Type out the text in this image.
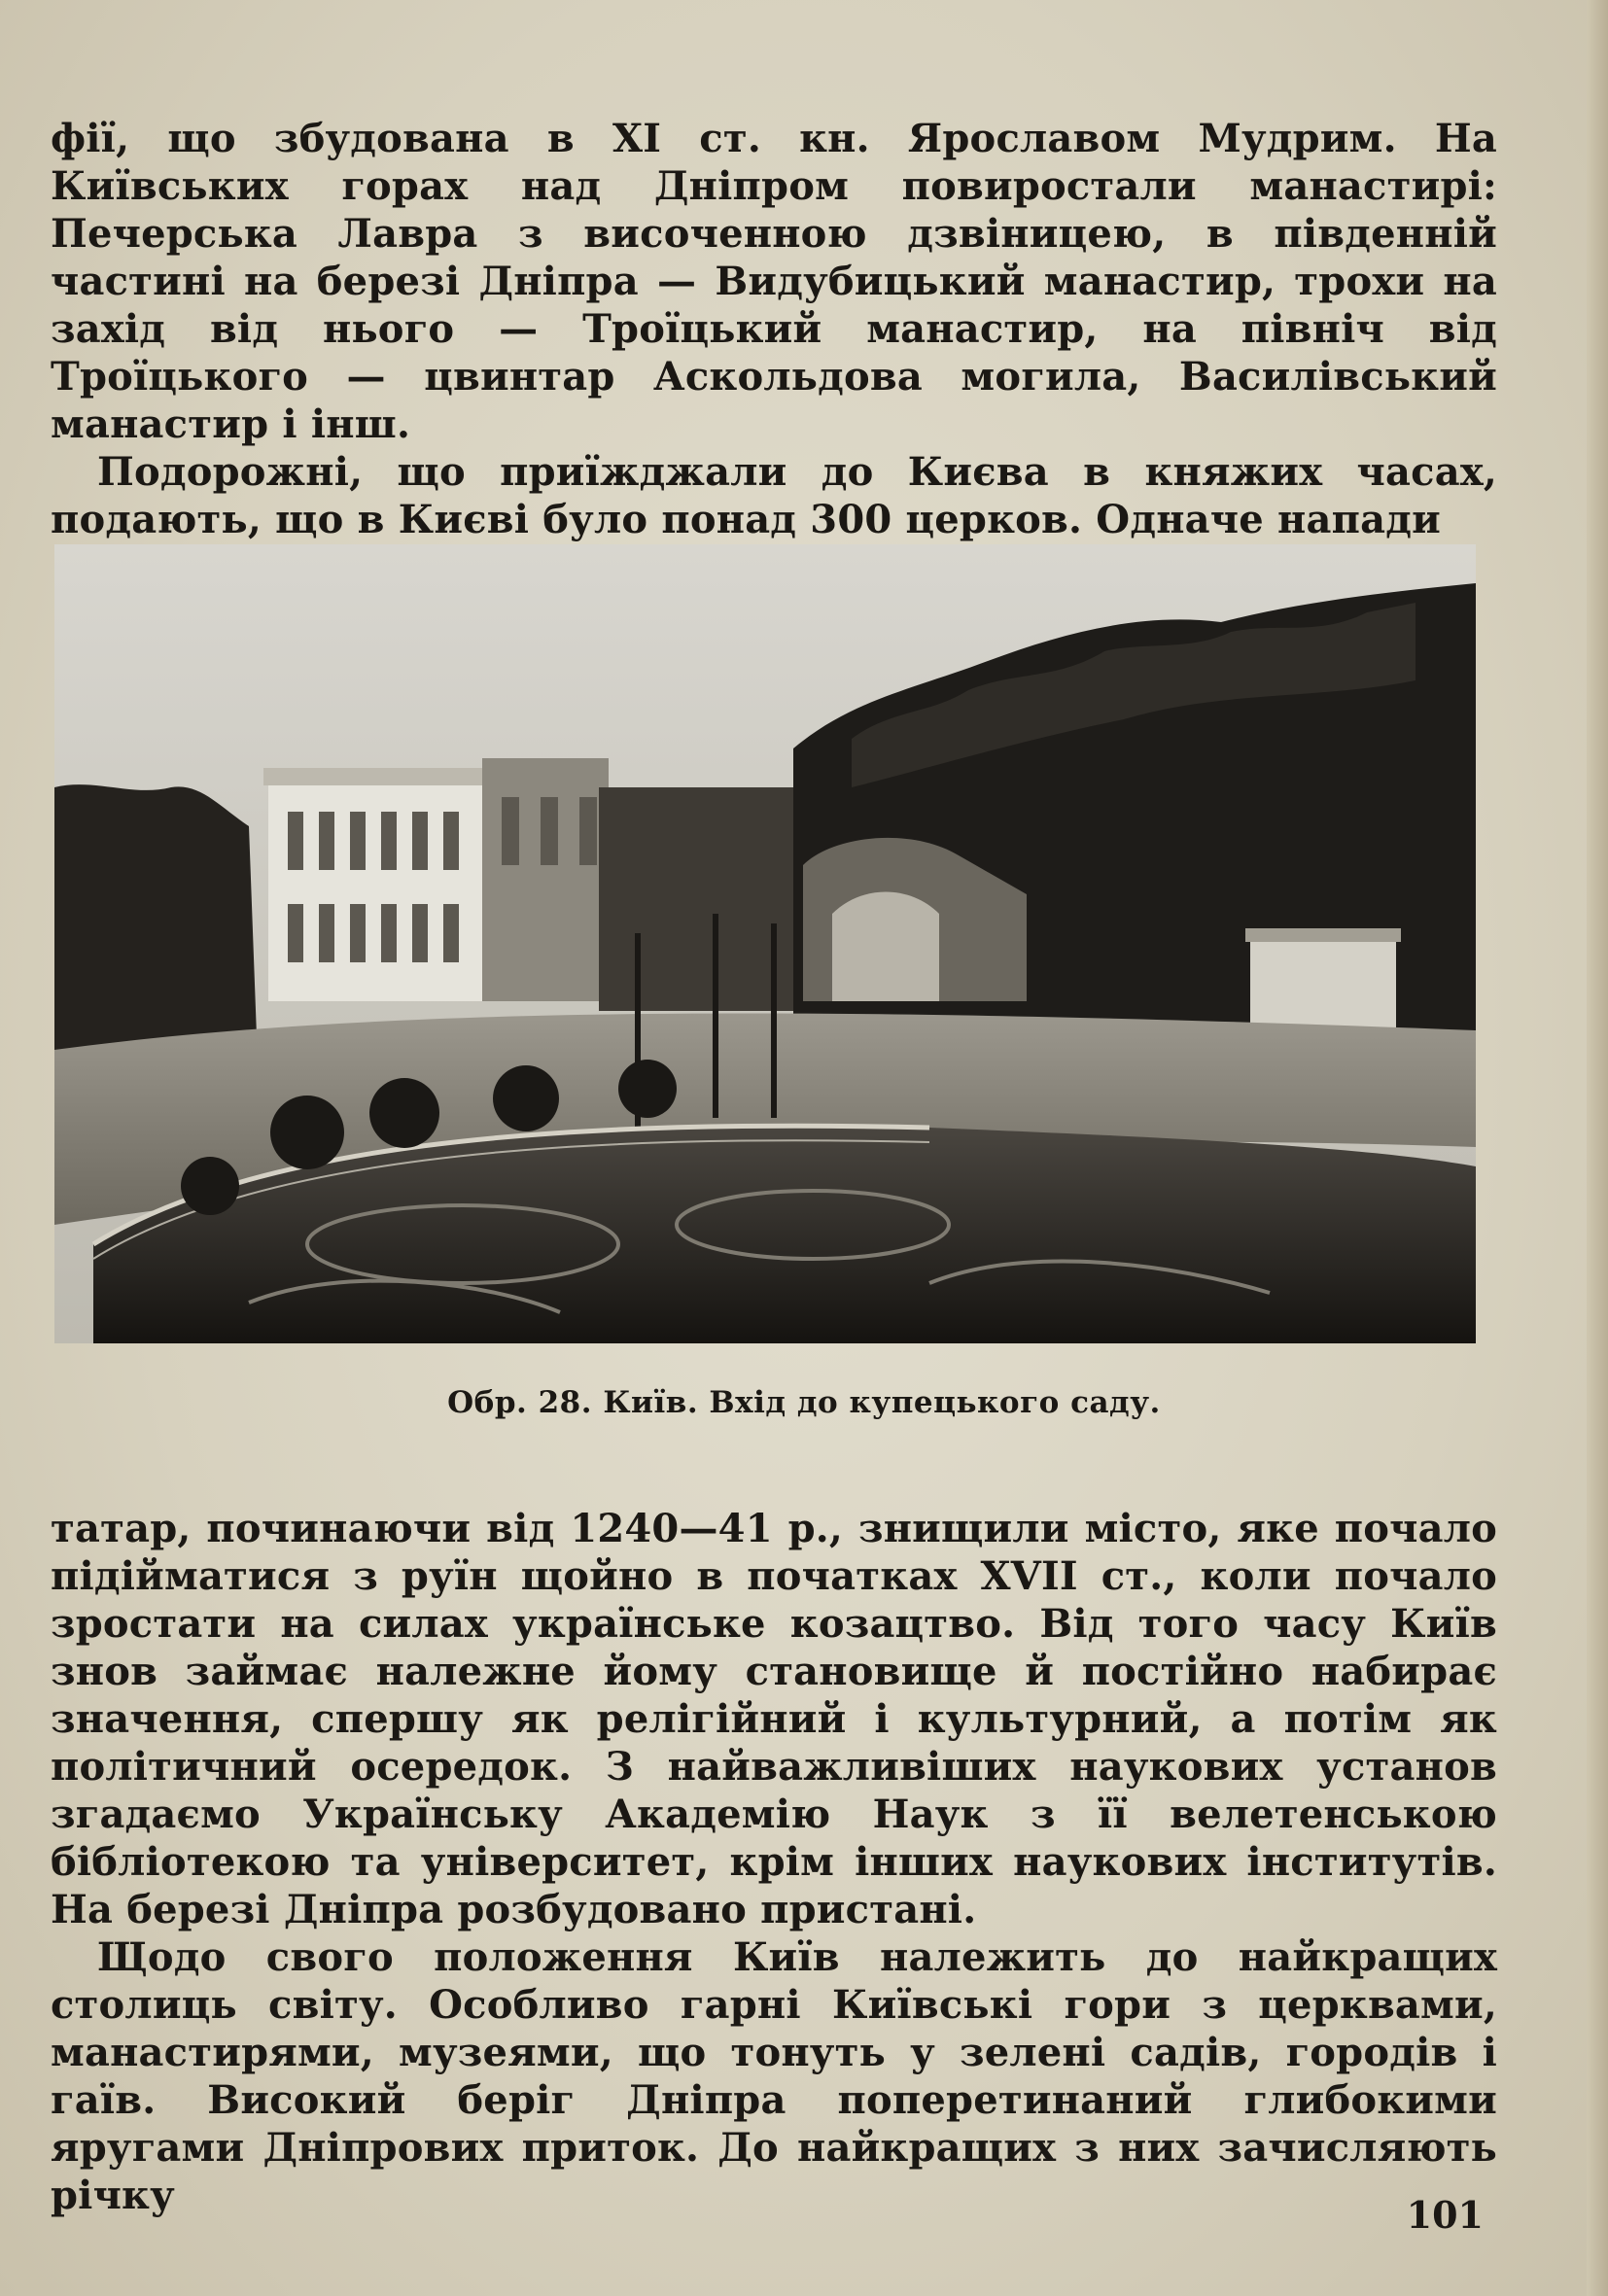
фії, що збудована в XI ст. кн. Ярославом Мудрим. На Київських горах над Дніпром повиростали манастирі: Печерська Лавра з височенною дзвіницею, в південній частині на березі Дніпра — Видубицький манастир, трохи на захід від нього — Троїцький манастир, на північ від Троїцького — цвинтар Аскольдова могила, Василівський манастир і інш.

Подорожні, що приїжджали до Києва в княжих часах, подають, що в Києві було понад 300 церков. Одначе напади

Обр. 28. Київ. Вхід до купецького саду.

татар, починаючи від 1240—41 р., знищили місто, яке почало підійматися з руїн щойно в початках XVII ст., коли почало зростати на силах українське козацтво. Від того часу Київ знов займає належне йому становище й постійно набирає значення, спершу як релігійний і культурний, а потім як політичний осередок. З найважливіших наукових установ згадаємо Українську Академію Наук з її велетенською бібліотекою та університет, крім інших наукових інститутів. На березі Дніпра розбудовано пристані.

Щодо свого положення Київ належить до найкращих столиць світу. Особливо гарні Київські гори з церквами, манастирями, музеями, що тонуть у зелені садів, городів і гаїв. Високий беріг Дніпра поперетинаний глибокими яругами Дніпрових приток. До найкращих з них зачисляють річку	101
